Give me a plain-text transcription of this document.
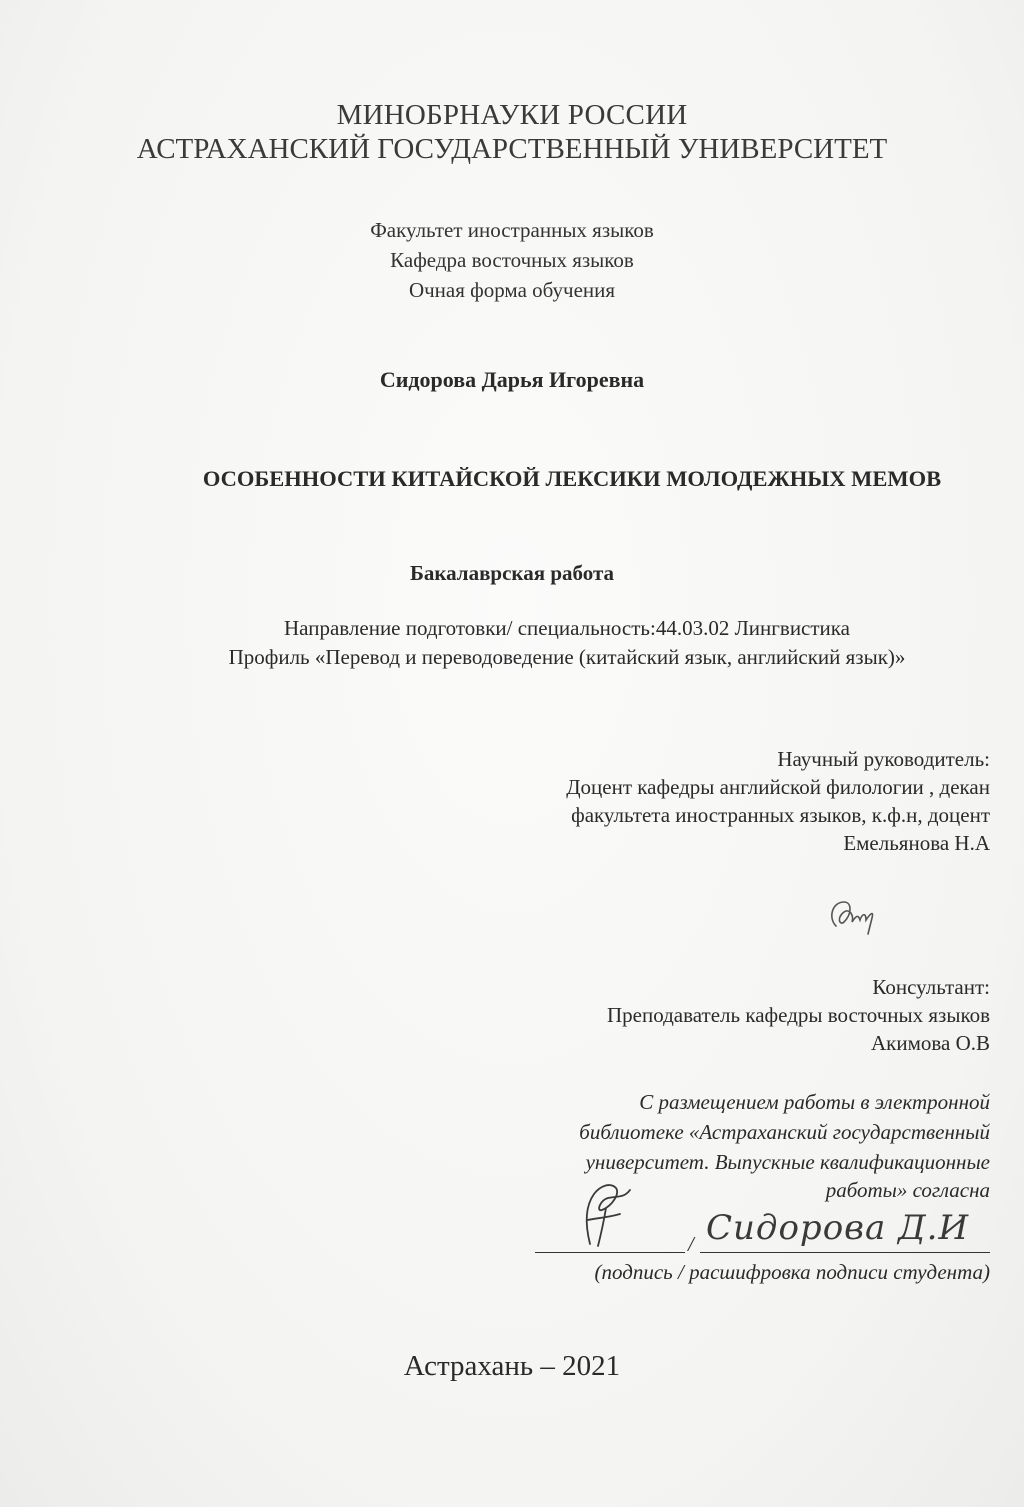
МИНОБРНАУКИ РОССИИ
АСТРАХАНСКИЙ ГОСУДАРСТВЕННЫЙ УНИВЕРСИТЕТ
Факультет иностранных языков
Кафедра восточных языков
Очная форма обучения
Сидорова Дарья Игоревна
ОСОБЕННОСТИ КИТАЙСКОЙ ЛЕКСИКИ МОЛОДЕЖНЫХ МЕМОВ
Бакалаврская работа
Направление подготовки/ специальность:44.03.02 Лингвистика
Профиль «Перевод и переводоведение (китайский язык, английский язык)»
Научный руководитель:
Доцент кафедры английской филологии , декан
факультета иностранных языков, к.ф.н, доцент
Емельянова Н.А
Консультант:
Преподаватель кафедры восточных языков
Акимова О.В
С размещением работы в электронной
библиотеке «Астраханский государственный
университет. Выпускные квалификационные
работы» согласна
/ Сидорова Д.И
(подпись / расшифровка подписи студента)
Астрахань – 2021
